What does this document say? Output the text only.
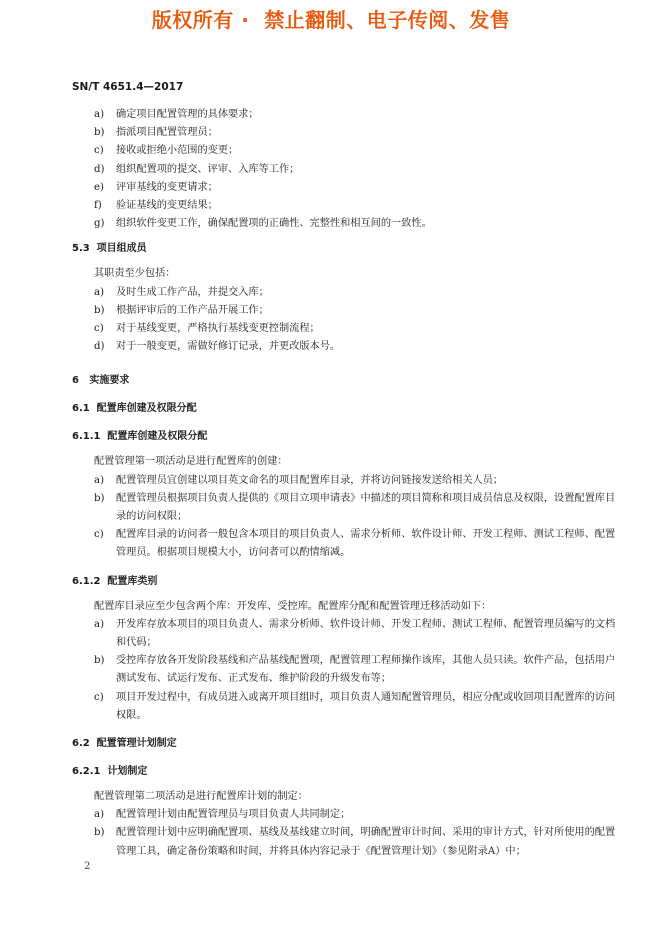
版权所有 ·  禁止翻制、电子传阅、发售
SN/T 4651.4—2017
a) 确定项目配置管理的具体要求；
b) 指派项目配置管理员；
c) 接收或拒绝小范围的变更；
d) 组织配置项的提交、评审、入库等工作；
e) 评审基线的变更请求；
f) 验证基线的变更结果；
g) 组织软件变更工作，确保配置项的正确性、完整性和相互间的一致性。
5.3  项目组成员
其职责至少包括：
a) 及时生成工作产品，并提交入库；
b) 根据评审后的工作产品开展工作；
c) 对于基线变更，严格执行基线变更控制流程；
d) 对于一般变更，需做好修订记录，并更改版本号。
6   实施要求
6.1  配置库创建及权限分配
6.1.1  配置库创建及权限分配
配置管理第一项活动是进行配置库的创建：
a) 配置管理员宜创建以项目英文命名的项目配置库目录，并将访问链接发送给相关人员；
b) 配置管理员根据项目负责人提供的《项目立项申请表》中描述的项目简称和项目成员信息及权限，设置配置库目录的访问权限；
c) 配置库目录的访问者一般包含本项目的项目负责人、需求分析师、软件设计师、开发工程师、测试工程师、配置管理员。根据项目规模大小，访问者可以酌情缩减。
6.1.2  配置库类别
配置库目录应至少包含两个库：开发库、受控库。配置库分配和配置管理迁移活动如下：
a) 开发库存放本项目的项目负责人、需求分析师、软件设计师、开发工程师、测试工程师、配置管理员编写的文档和代码；
b) 受控库存放各开发阶段基线和产品基线配置项，配置管理工程师操作该库，其他人员只读。软件产品，包括用户测试发布、试运行发布、正式发布、维护阶段的升级发布等；
c) 项目开发过程中，有成员进入或离开项目组时，项目负责人通知配置管理员，相应分配或收回项目配置库的访问权限。
6.2  配置管理计划制定
6.2.1  计划制定
配置管理第二项活动是进行配置库计划的制定：
a) 配置管理计划由配置管理员与项目负责人共同制定；
b) 配置管理计划中应明确配置项、基线及基线建立时间，明确配置审计时间、采用的审计方式，针对所使用的配置管理工具，确定备份策略和时间，并将具体内容记录于《配置管理计划》（参见附录A）中；
2
